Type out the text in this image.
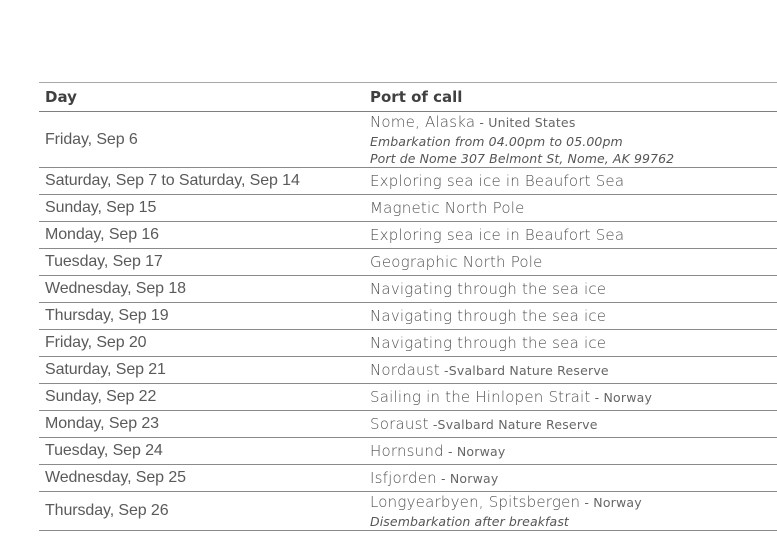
Day	Port of call
Friday, Sep 6	Nome, Alaska - United States
Embarkation from 04.00pm to 05.00pm
Port de Nome 307 Belmont St, Nome, AK 99762

Saturday, Sep 7 to Saturday, Sep 14	Exploring sea ice in Beaufort Sea
Sunday, Sep 15	Magnetic North Pole
Monday, Sep 16	Exploring sea ice in Beaufort Sea
Tuesday, Sep 17	Geographic North Pole
Wednesday, Sep 18	Navigating through the sea ice
Thursday, Sep 19	Navigating through the sea ice
Friday, Sep 20	Navigating through the sea ice
Saturday, Sep 21	Nordaust -Svalbard Nature Reserve
Sunday, Sep 22	Sailing in the Hinlopen Strait - Norway
Monday, Sep 23	Soraust -Svalbard Nature Reserve
Tuesday, Sep 24	Hornsund - Norway
Wednesday, Sep 25	Isfjorden - Norway
Thursday, Sep 26	Longyearbyen, Spitsbergen - Norway
Disembarkation after breakfast
